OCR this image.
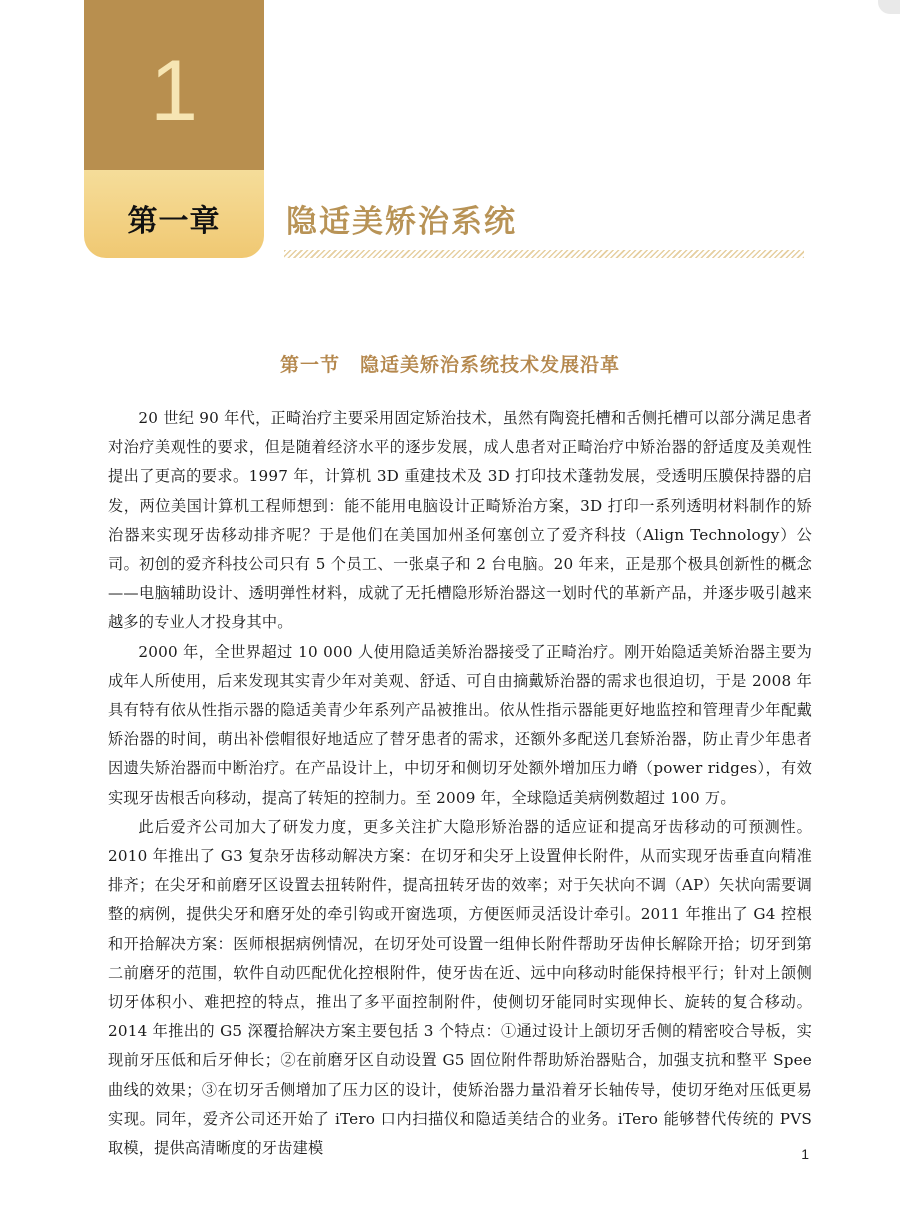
1
第一章	隐适美矫治系统
第一节　隐适美矫治系统技术发展沿革

20 世纪 90 年代，正畸治疗主要采用固定矫治技术，虽然有陶瓷托槽和舌侧托槽可以部分满足患者对治疗美观性的要求，但是随着经济水平的逐步发展，成人患者对正畸治疗中矫治器的舒适度及美观性提出了更高的要求。1997 年，计算机 3D 重建技术及 3D 打印技术蓬勃发展，受透明压膜保持器的启发，两位美国计算机工程师想到：能不能用电脑设计正畸矫治方案，3D 打印一系列透明材料制作的矫治器来实现牙齿移动排齐呢？于是他们在美国加州圣何塞创立了爱齐科技（Align Technology）公司。初创的爱齐科技公司只有 5 个员工、一张桌子和 2 台电脑。20 年来，正是那个极具创新性的概念——电脑辅助设计、透明弹性材料，成就了无托槽隐形矫治器这一划时代的革新产品，并逐步吸引越来越多的专业人才投身其中。

2000 年，全世界超过 10 000 人使用隐适美矫治器接受了正畸治疗。刚开始隐适美矫治器主要为成年人所使用，后来发现其实青少年对美观、舒适、可自由摘戴矫治器的需求也很迫切，于是 2008 年具有特有依从性指示器的隐适美青少年系列产品被推出。依从性指示器能更好地监控和管理青少年配戴矫治器的时间，萌出补偿帽很好地适应了替牙患者的需求，还额外多配送几套矫治器，防止青少年患者因遗失矫治器而中断治疗。在产品设计上，中切牙和侧切牙处额外增加压力嵴（power ridges），有效实现牙齿根舌向移动，提高了转矩的控制力。至 2009 年，全球隐适美病例数超过 100 万。

此后爱齐公司加大了研发力度，更多关注扩大隐形矫治器的适应证和提高牙齿移动的可预测性。2010 年推出了 G3 复杂牙齿移动解决方案：在切牙和尖牙上设置伸长附件，从而实现牙齿垂直向精准排齐；在尖牙和前磨牙区设置去扭转附件，提高扭转牙齿的效率；对于矢状向不调（AP）矢状向需要调整的病例，提供尖牙和磨牙处的牵引钩或开窗选项，方便医师灵活设计牵引。2011 年推出了 G4 控根和开拾解决方案：医师根据病例情况，在切牙处可设置一组伸长附件帮助牙齿伸长解除开拾；切牙到第二前磨牙的范围，软件自动匹配优化控根附件，使牙齿在近、远中向移动时能保持根平行；针对上颌侧切牙体积小、难把控的特点，推出了多平面控制附件，使侧切牙能同时实现伸长、旋转的复合移动。2014 年推出的 G5 深覆拾解决方案主要包括 3 个特点：①通过设计上颌切牙舌侧的精密咬合导板，实现前牙压低和后牙伸长；②在前磨牙区自动设置 G5 固位附件帮助矫治器贴合，加强支抗和整平 Spee 曲线的效果；③在切牙舌侧增加了压力区的设计，使矫治器力量沿着牙长轴传导，使切牙绝对压低更易实现。同年，爱齐公司还开始了 iTero 口内扫描仪和隐适美结合的业务。iTero 能够替代传统的 PVS 取模，提供高清晰度的牙齿建模	1
